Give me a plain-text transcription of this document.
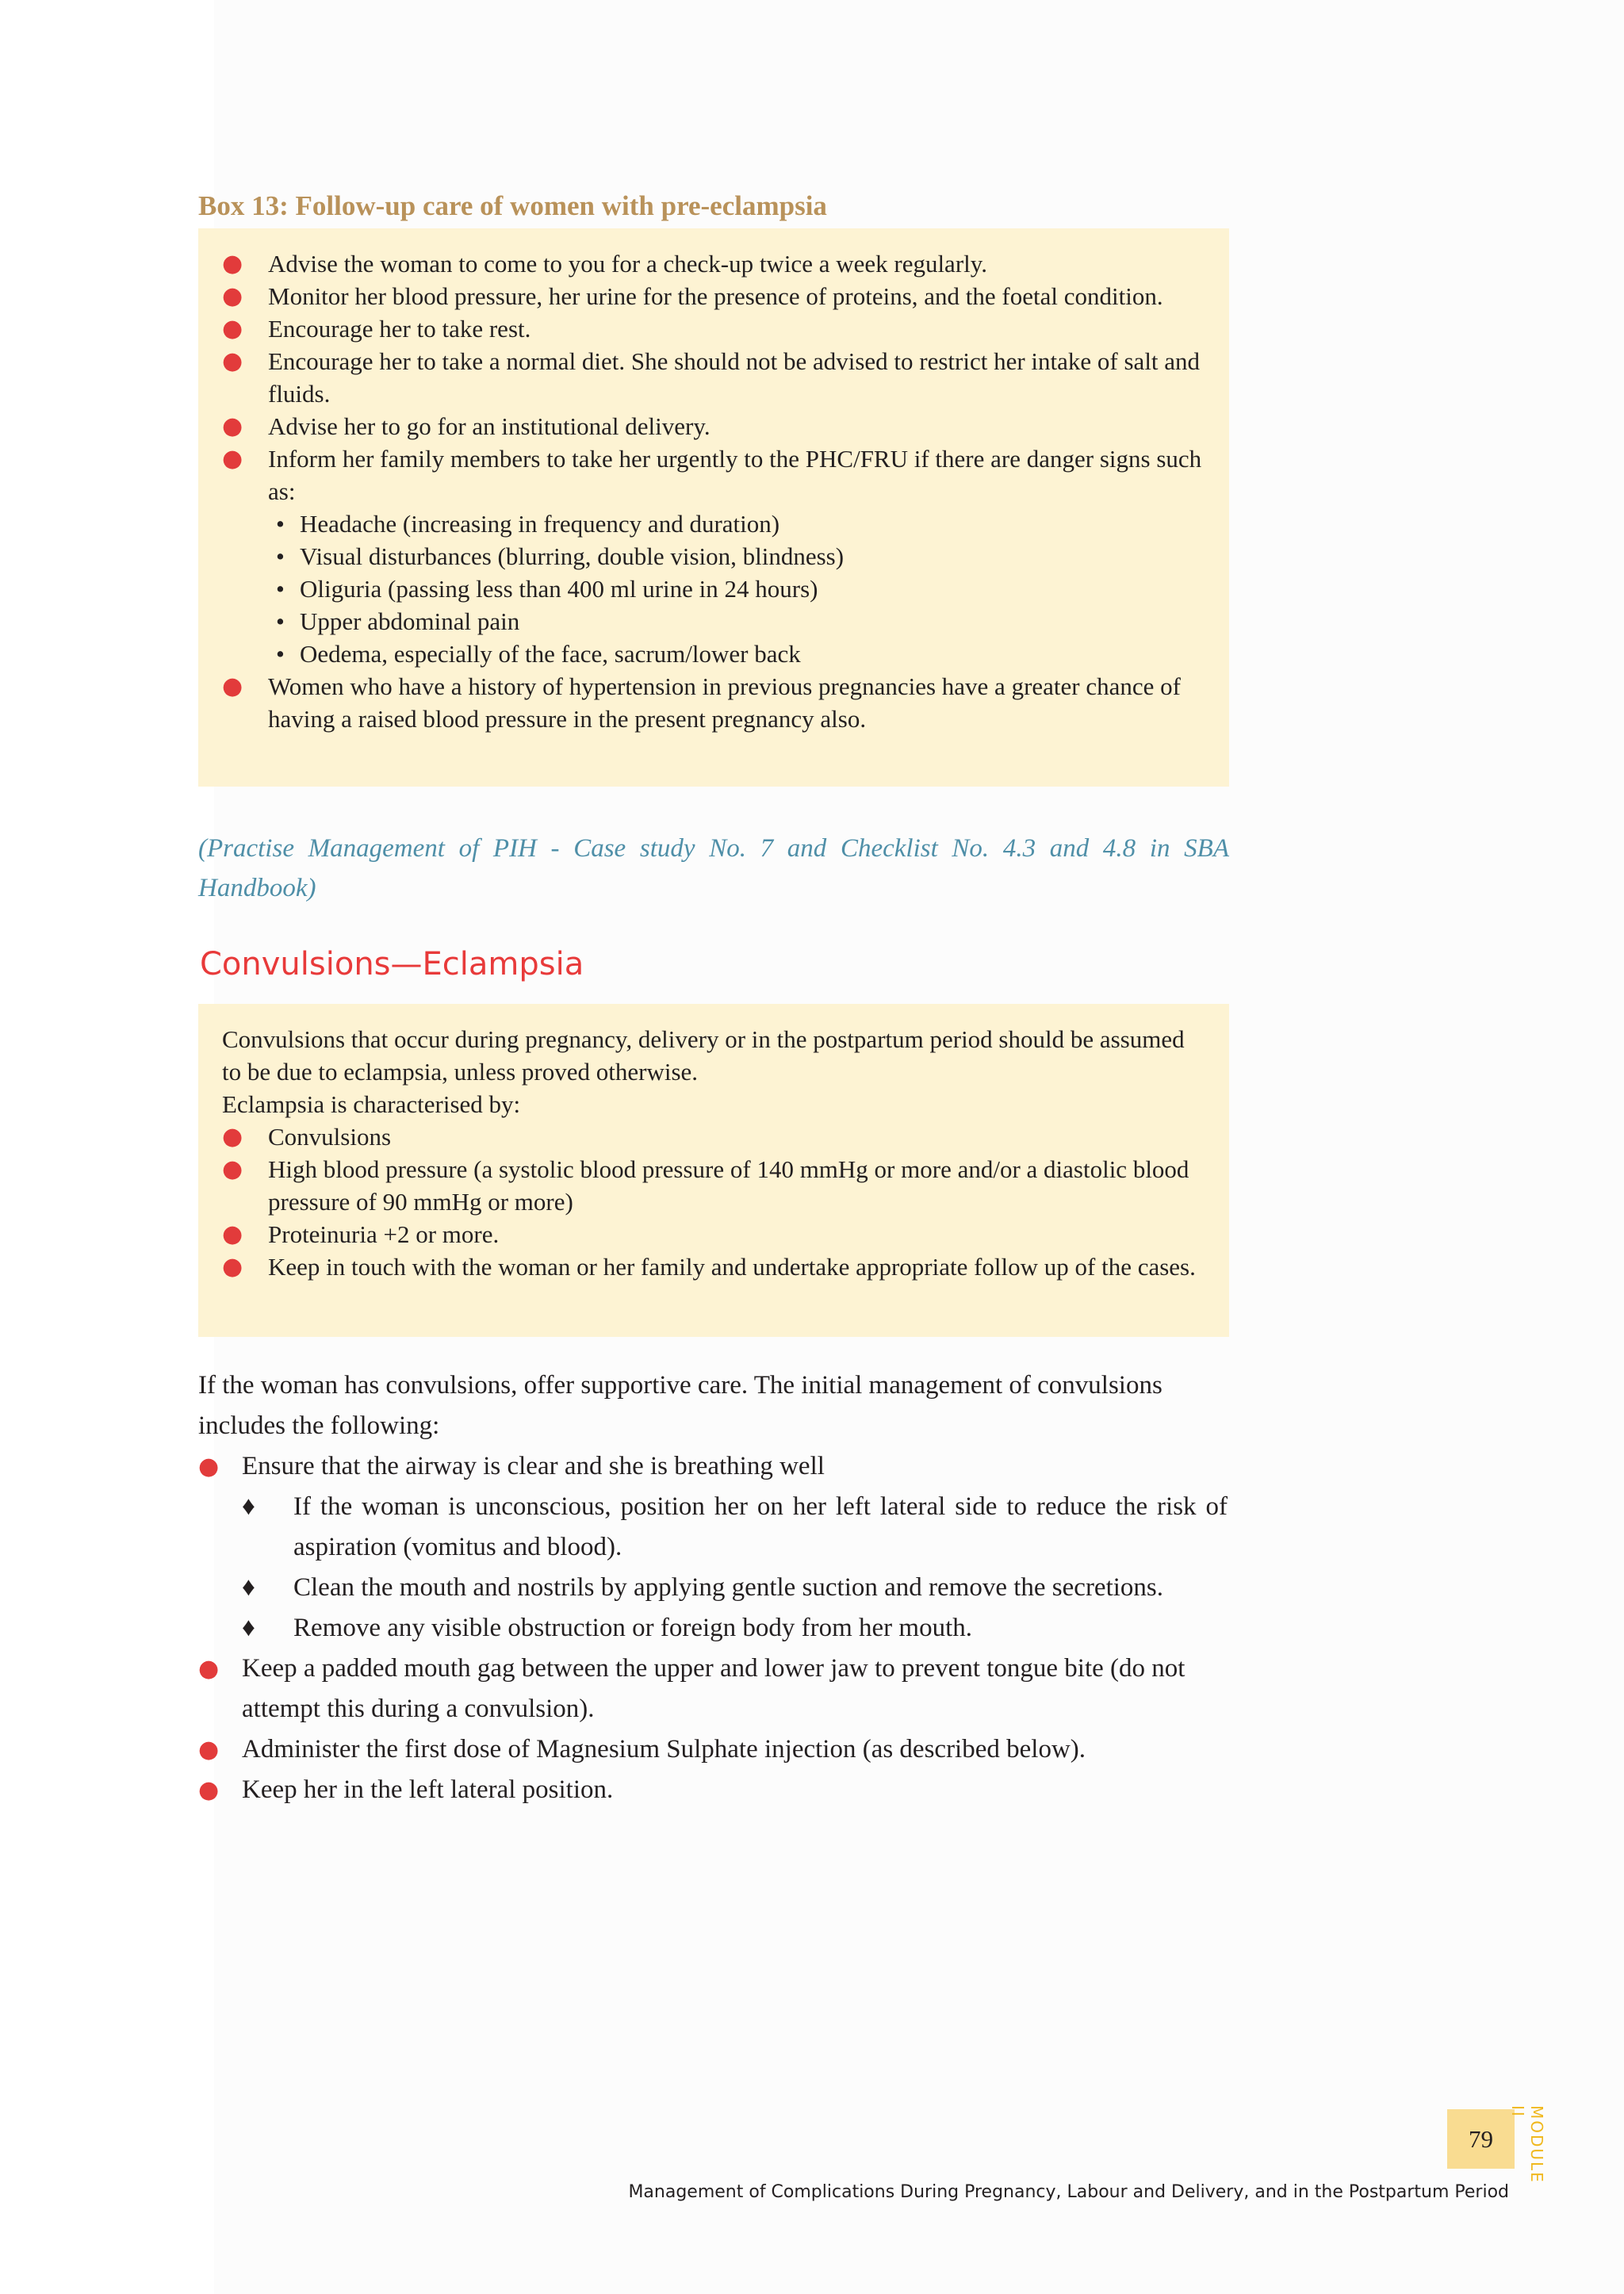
Box 13: Follow-up care of women with pre-eclampsia
● Advise the woman to come to you for a check-up twice a week regularly.
● Monitor her blood pressure, her urine for the presence of proteins, and the foetal condition.
● Encourage her to take rest.
● Encourage her to take a normal diet. She should not be advised to restrict her intake of salt and fluids.
● Advise her to go for an institutional delivery.
● Inform her family members to take her urgently to the PHC/FRU if there are danger signs such as:
• Headache (increasing in frequency and duration)
• Visual disturbances (blurring, double vision, blindness)
• Oliguria (passing less than 400 ml urine in 24 hours)
• Upper abdominal pain
• Oedema, especially of the face, sacrum/lower back
● Women who have a history of hypertension in previous pregnancies have a greater chance of having a raised blood pressure in the present pregnancy also.
(Practise Management of PIH - Case study No. 7 and Checklist No. 4.3 and 4.8 in SBA Handbook)
Convulsions—Eclampsia

Convulsions that occur during pregnancy, delivery or in the postpartum period should be assumed to be due to eclampsia, unless proved otherwise.

Eclampsia is characterised by:

● Convulsions
● High blood pressure (a systolic blood pressure of 140 mmHg or more and/or a diastolic blood pressure of 90 mmHg or more)
● Proteinuria +2 or more.
● Keep in touch with the woman or her family and undertake appropriate follow up of the cases.

If the woman has convulsions, offer supportive care. The initial management of convulsions includes the following:

● Ensure that the airway is clear and she is breathing well
♦ If the woman is unconscious, position her on her left lateral side to reduce the risk of aspiration (vomitus and blood).
♦ Clean the mouth and nostrils by applying gentle suction and remove the secretions.
♦ Remove any visible obstruction or foreign body from her mouth.
● Keep a padded mouth gag between the upper and lower jaw to prevent tongue bite (do not attempt this during a convulsion).
● Administer the first dose of Magnesium Sulphate injection (as described below).
● Keep her in the left lateral position.
79	MODULE II
Management of Complications During Pregnancy, Labour and Delivery, and in the Postpartum Period
